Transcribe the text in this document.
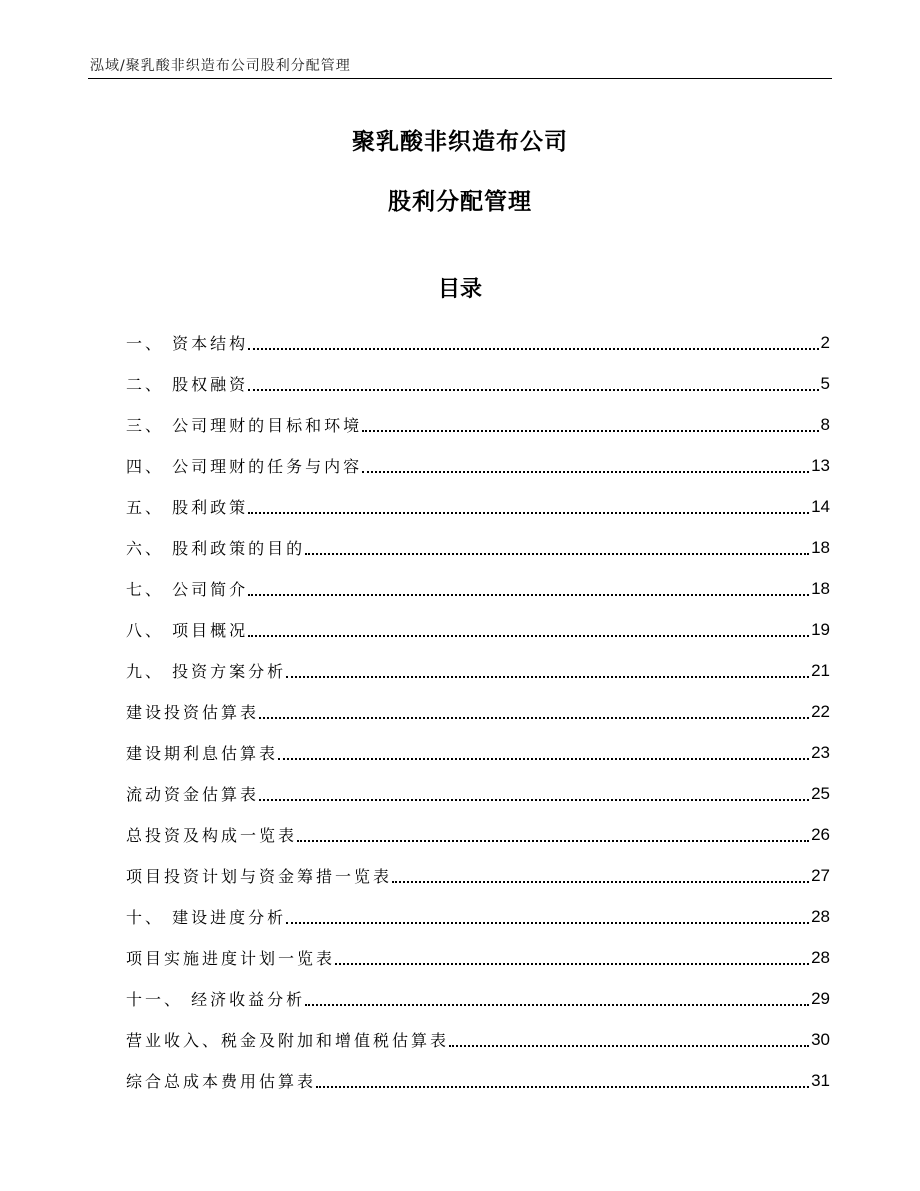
泓域/聚乳酸非织造布公司股利分配管理
聚乳酸非织造布公司
股利分配管理
目录
一、 资本结构	2
二、 股权融资	5
三、 公司理财的目标和环境	8
四、 公司理财的任务与内容	13
五、 股利政策	14
六、 股利政策的目的	18
七、 公司简介	18
八、 项目概况	19
九、 投资方案分析	21
建设投资估算表	22
建设期利息估算表	23
流动资金估算表	25
总投资及构成一览表	26
项目投资计划与资金筹措一览表	27
十、 建设进度分析	28
项目实施进度计划一览表	28
十一、 经济收益分析	29
营业收入、税金及附加和增值税估算表	30
综合总成本费用估算表	31
